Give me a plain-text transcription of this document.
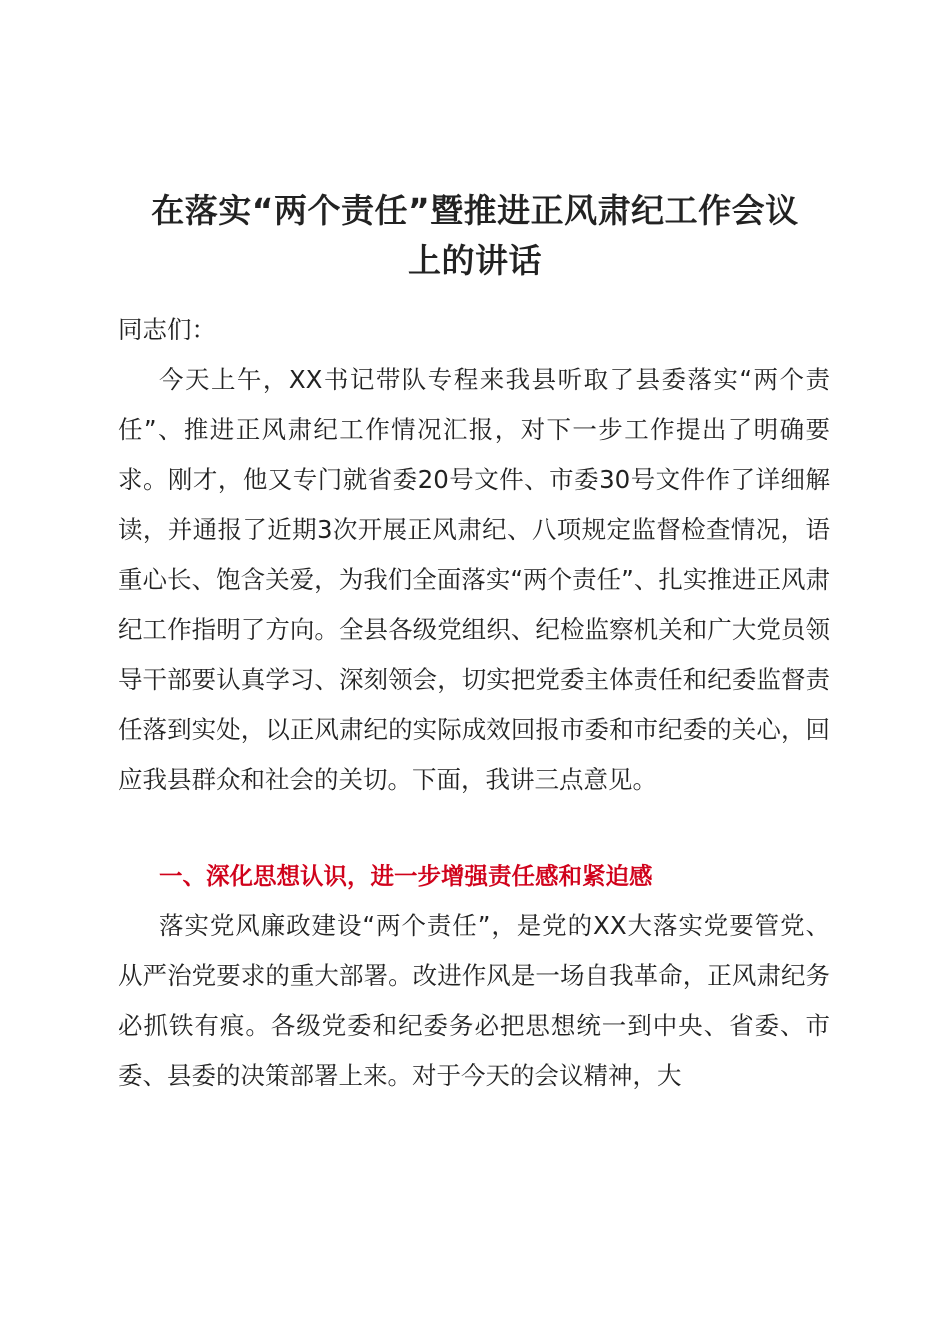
在落实“两个责任”暨推进正风肃纪工作会议
上的讲话
同志们：
今天上午，XX书记带队专程来我县听取了县委落实“两个责任”、推进正风肃纪工作情况汇报，对下一步工作提出了明确要求。刚才，他又专门就省委20号文件、市委30号文件作了详细解读，并通报了近期3次开展正风肃纪、八项规定监督检查情况，语重心长、饱含关爱，为我们全面落实“两个责任”、扎实推进正风肃纪工作指明了方向。全县各级党组织、纪检监察机关和广大党员领导干部要认真学习、深刻领会，切实把党委主体责任和纪委监督责任落到实处，以正风肃纪的实际成效回报市委和市纪委的关心，回应我县群众和社会的关切。下面，我讲三点意见。
一、深化思想认识，进一步增强责任感和紧迫感
落实党风廉政建设“两个责任”，是党的XX大落实党要管党、从严治党要求的重大部署。改进作风是一场自我革命，正风肃纪务必抓铁有痕。各级党委和纪委务必把思想统一到中央、省委、市委、县委的决策部署上来。对于今天的会议精神，大
